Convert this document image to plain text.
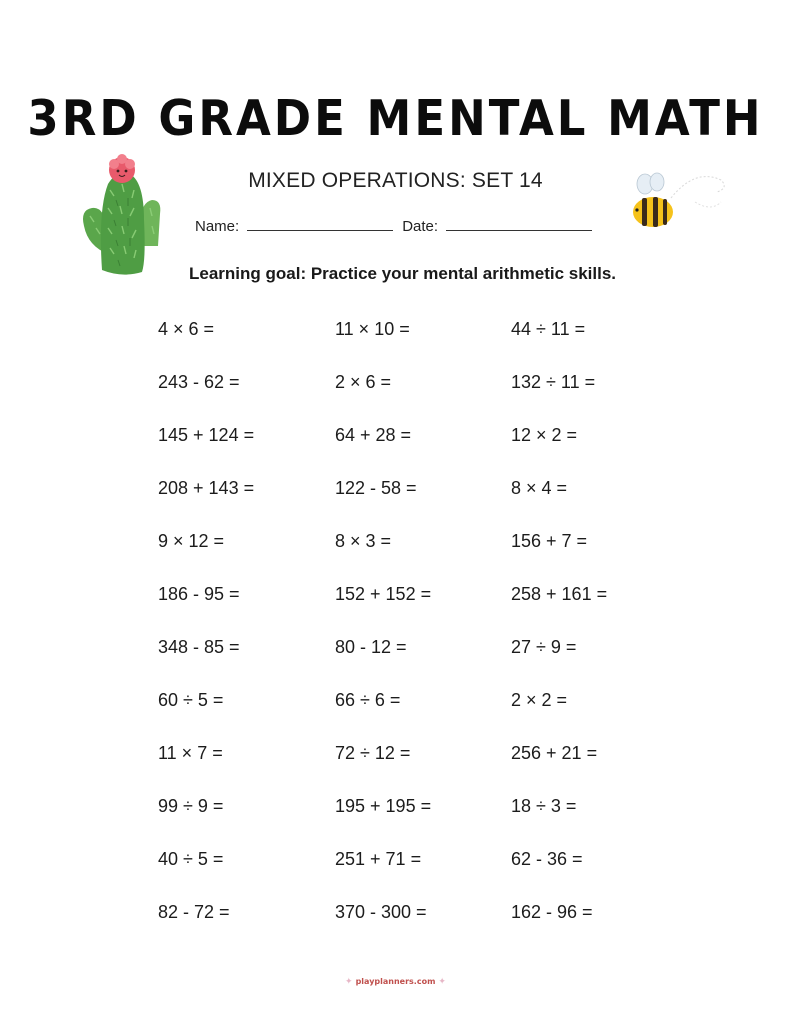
3RD GRADE MENTAL MATH
MIXED OPERATIONS: SET 14
Name:	Date:
Learning goal: Practice your mental arithmetic skills.
4 × 6 =
243 - 62 =
145 + 124 =
208 + 143 =
9 × 12 =
186 - 95 =
348 - 85 =
60 ÷ 5 =
11 × 7 =
99 ÷ 9 =
40 ÷ 5 =
82 - 72 =
11 × 10 =
2 × 6 =
64 + 28 =
122 - 58 =
8 × 3 =
152 + 152 =
80 - 12 =
66 ÷ 6 =
72 ÷ 12 =
195 + 195 =
251 + 71 =
370 - 300 =
44 ÷ 11 =
132 ÷ 11 =
12 × 2 =
8 × 4 =
156 + 7 =
258 + 161 =
27 ÷ 9 =
2 × 2 =
256 + 21 =
18 ÷ 3 =
62 - 36 =
162 - 96 =
✦ playplanners.com ✦
